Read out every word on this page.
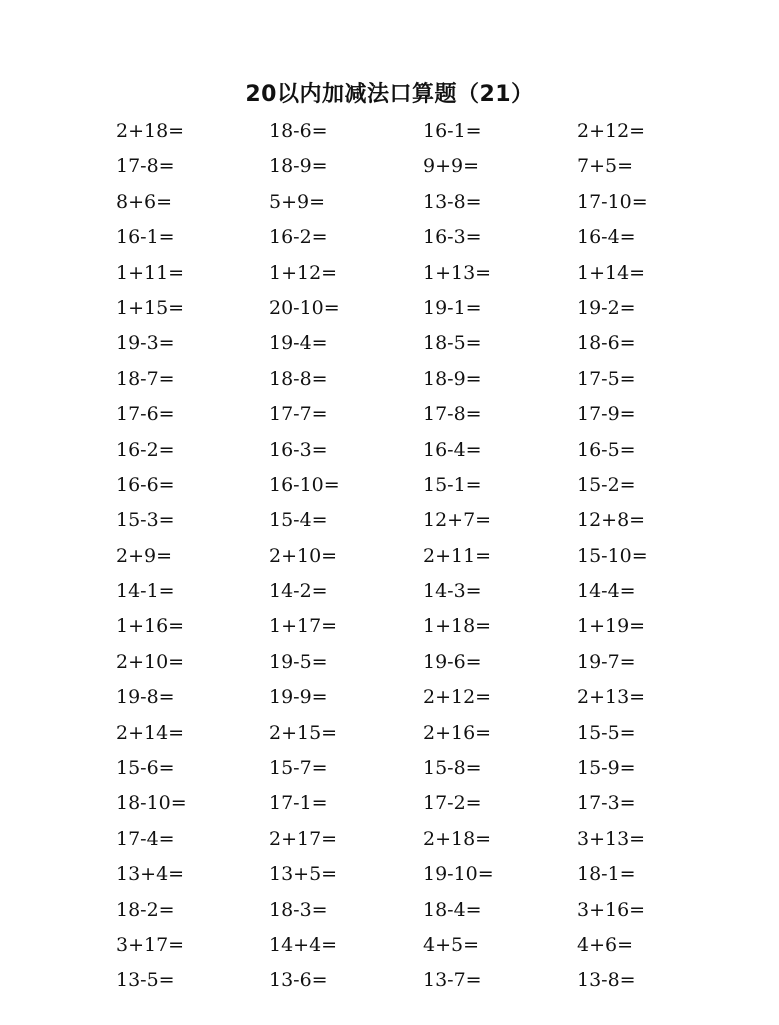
20以内加减法口算题（21）
2+18=	18-6=	16-1=	2+12=
17-8=	18-9=	9+9=	7+5=
8+6=	5+9=	13-8=	17-10=
16-1=	16-2=	16-3=	16-4=
1+11=	1+12=	1+13=	1+14=
1+15=	20-10=	19-1=	19-2=
19-3=	19-4=	18-5=	18-6=
18-7=	18-8=	18-9=	17-5=
17-6=	17-7=	17-8=	17-9=
16-2=	16-3=	16-4=	16-5=
16-6=	16-10=	15-1=	15-2=
15-3=	15-4=	12+7=	12+8=
2+9=	2+10=	2+11=	15-10=
14-1=	14-2=	14-3=	14-4=
1+16=	1+17=	1+18=	1+19=
2+10=	19-5=	19-6=	19-7=
19-8=	19-9=	2+12=	2+13=
2+14=	2+15=	2+16=	15-5=
15-6=	15-7=	15-8=	15-9=
18-10=	17-1=	17-2=	17-3=
17-4=	2+17=	2+18=	3+13=
13+4=	13+5=	19-10=	18-1=
18-2=	18-3=	18-4=	3+16=
3+17=	14+4=	4+5=	4+6=
13-5=	13-6=	13-7=	13-8=
